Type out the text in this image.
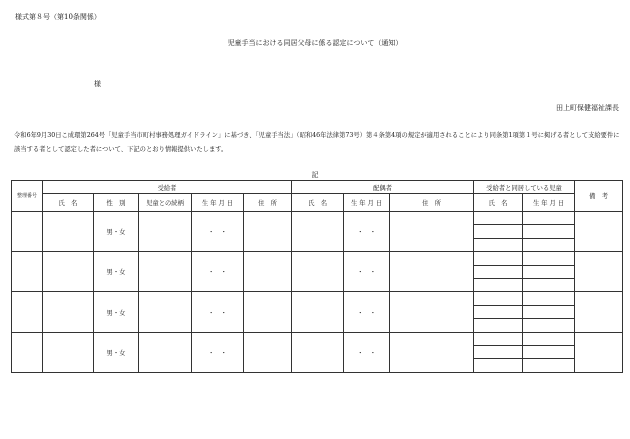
様式第８号（第10条関係）
児童手当における同居父母に係る認定について（通知）
様
田上町保健福祉課長
令和6年9月30日こ成環第264号「児童手当市町村事務処理ガイドライン」に基づき、「児童手当法」（昭和46年法律第73号）第４条第4項の規定が適用されることにより同条第1項第１号に掲げる者として支給要件に該当する者として認定した者について、下記のとおり情報提供いたします。
記
整理番号	受給者					配偶者			受給者と同居している児童		備　考
	氏　名	性　別	児童との続柄	生 年 月 日	住　所	氏　名	生 年 月 日	住　所	氏　名	生 年 月 日	
		男・女		・　・			・　・				

		男・女		・　・			・　・				

		男・女		・　・			・　・				

		男・女		・　・			・　・				
